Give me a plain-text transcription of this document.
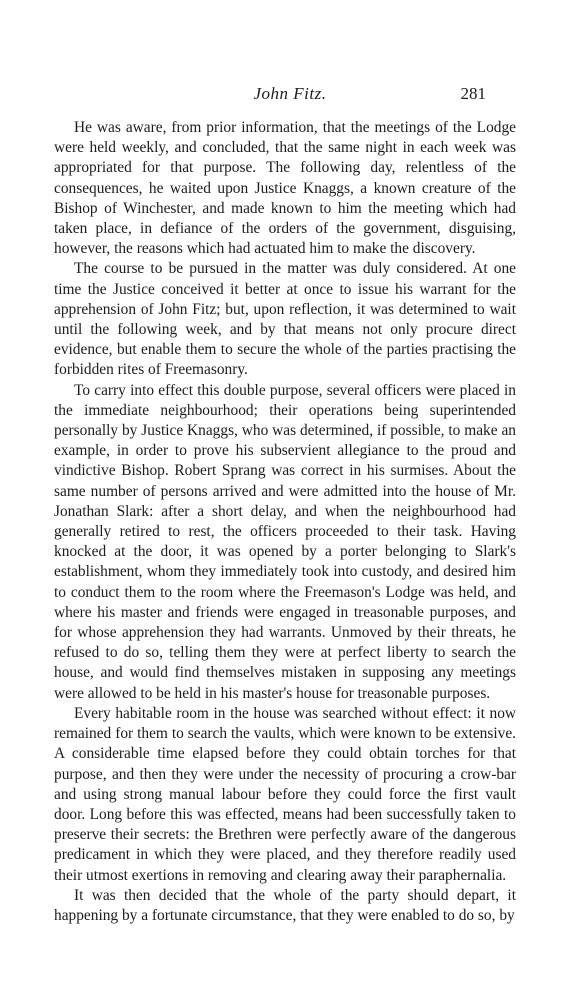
John Fitz.	281

He was aware, from prior information, that the meetings of the Lodge were held weekly, and concluded, that the same night in each week was appropriated for that purpose. The following day, relentless of the consequences, he waited upon Justice Knaggs, a known creature of the Bishop of Winchester, and made known to him the meeting which had taken place, in defiance of the orders of the government, disguising, however, the reasons which had actuated him to make the discovery.

The course to be pursued in the matter was duly considered. At one time the Justice conceived it better at once to issue his warrant for the apprehension of John Fitz; but, upon reflection, it was determined to wait until the following week, and by that means not only procure direct evidence, but enable them to secure the whole of the parties practising the forbidden rites of Freemasonry.

To carry into effect this double purpose, several officers were placed in the immediate neighbourhood; their operations being superintended personally by Justice Knaggs, who was determined, if possible, to make an example, in order to prove his subservient allegiance to the proud and vindictive Bishop. Robert Sprang was correct in his surmises. About the same number of persons arrived and were admitted into the house of Mr. Jonathan Slark: after a short delay, and when the neighbourhood had generally retired to rest, the officers proceeded to their task. Having knocked at the door, it was opened by a porter belonging to Slark's establishment, whom they immediately took into custody, and desired him to conduct them to the room where the Freemason's Lodge was held, and where his master and friends were engaged in treasonable purposes, and for whose apprehension they had warrants. Unmoved by their threats, he refused to do so, telling them they were at perfect liberty to search the house, and would find themselves mistaken in supposing any meetings were allowed to be held in his master's house for treasonable purposes.

Every habitable room in the house was searched without effect: it now remained for them to search the vaults, which were known to be extensive. A considerable time elapsed before they could obtain torches for that purpose, and then they were under the necessity of procuring a crow-bar and using strong manual labour before they could force the first vault door. Long before this was effected, means had been successfully taken to preserve their secrets: the Brethren were perfectly aware of the dangerous predicament in which they were placed, and they therefore readily used their utmost exertions in removing and clearing away their paraphernalia.

It was then decided that the whole of the party should depart, it happening by a fortunate circumstance, that they were enabled to do so, by
